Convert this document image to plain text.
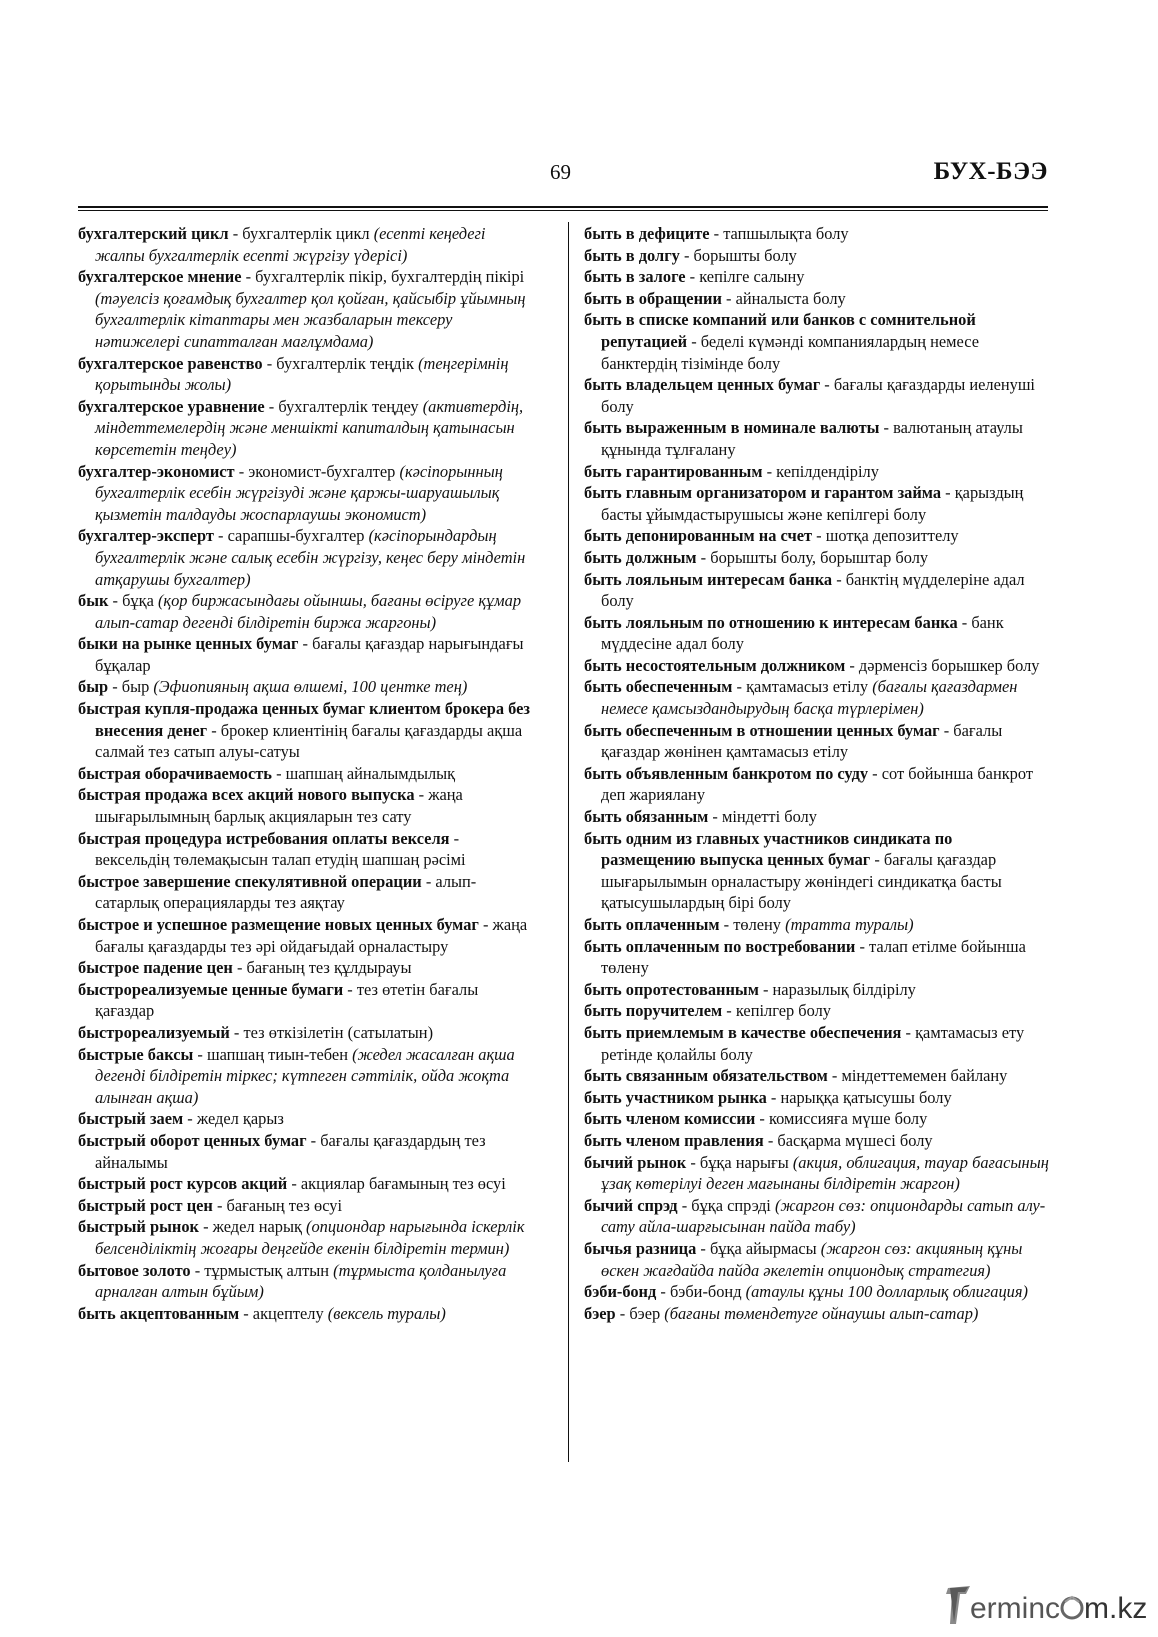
69	БУХ-БЭЭ
бухгалтерский цикл - бухгалтерлік цикл (есепті кеңедегі жалпы бухгалтерлік есепті жүргізу үдерісі)
бухгалтерское мнение - бухгалтерлік пікір, бухгалтердің пікірі (тәуелсіз қоғамдық бухгалтер қол қойған, қайсыбір ұйымның бухгалтерлік кітаптары мен жазбаларын тексеру нәтижелері сипатталған мағлұмдама)
бухгалтерское равенство - бухгалтерлік теңдік (теңгерімнің қорытынды жолы)
бухгалтерское уравнение - бухгалтерлік теңдеу (активтердің, міндеттемелердің және меншікті капиталдың қатынасын көрсететін теңдеу)
бухгалтер-экономист - экономист-бухгалтер (кәсіпорынның бухгалтерлік есебін жүргізуді және қаржы-шаруашылық қызметін талдауды жоспарлаушы экономист)
бухгалтер-эксперт - сарапшы-бухгалтер (кәсіпорындардың бухгалтерлік және салық есебін жүргізу, кеңес беру міндетін атқарушы бухгалтер)
бык - бұқа (қор биржасындағы ойыншы, бағаны өсіруге құмар алып-сатар дегенді білдіретін биржа жаргоны)
быки на рынке ценных бумаг - бағалы қағаздар нарығындағы бұқалар
быр - быр (Эфиопияның ақша өлшемі, 100 центке тең)
быстрая купля-продажа ценных бумаг клиентом брокера без внесения денег - брокер клиентінің бағалы қағаздарды ақша салмай тез сатып алуы-сатуы
быстрая оборачиваемость - шапшаң айналымдылық
быстрая продажа всех акций нового выпуска - жаңа шығарылымның барлық акцияларын тез сату
быстрая процедура истребования оплаты векселя - вексельдің төлемақысын талап етудің шапшаң рәсімі
быстрое завершение спекулятивной операции - алып-сатарлық операцияларды тез аяқтау
быстрое и успешное размещение новых ценных бумаг - жаңа бағалы қағаздарды тез әрі ойдағыдай орналастыру
быстрое падение цен - бағаның тез құлдырауы
быстрореализуемые ценные бумаги - тез өтетін бағалы қағаздар
быстрореализуемый - тез өткізілетін (сатылатын)
быстрые баксы - шапшаң тиын-тебен (жедел жасалған ақша дегенді білдіретін тіркес; күтпеген сәттілік, ойда жоқта алынған ақша)
быстрый заем - жедел қарыз
быстрый оборот ценных бумаг - бағалы қағаздардың тез айналымы
быстрый рост курсов акций - акциялар бағамының тез өсуі
быстрый рост цен - бағаның тез өсуі
быстрый рынок - жедел нарық (опциондар нарығында іскерлік белсенділіктің жоғары деңгейде екенін білдіретін термин)
бытовое золото - тұрмыстық алтын (тұрмыста қолданылуға арналған алтын бұйым)
быть акцептованным - акцептелу (вексель туралы)
быть в дефиците - тапшылықта болу
быть в долгу - борышты болу
быть в залоге - кепілге салыну
быть в обращении - айналыста болу
быть в списке компаний или банков с сомнительной репутацией - беделі күмәнді компаниялардың немесе банктердің тізімінде болу
быть владельцем ценных бумаг - бағалы қағаздарды иеленуші болу
быть выраженным в номинале валюты - валютаның атаулы құнында тұлғалану
быть гарантированным - кепілдендірілу
быть главным организатором и гарантом займа - қарыздың басты ұйымдастырушысы және кепілгері болу
быть депонированным на счет - шотқа депозиттелу
быть должным - борышты болу, борыштар болу
быть лояльным интересам банка - банктің мүдделеріне адал болу
быть лояльным по отношению к интересам банка - банк мүддесіне адал болу
быть несостоятельным должником - дәрменсіз борышкер болу
быть обеспеченным - қамтамасыз етілу (бағалы қағаздармен немесе қамсыздандырудың басқа түрлерімен)
быть обеспеченным в отношении ценных бумаг - бағалы қағаздар жөнінен қамтамасыз етілу
быть объявленным банкротом по суду - сот бойынша банкрот деп жариялану
быть обязанным - міндетті болу
быть одним из главных участников синдиката по размещению выпуска ценных бумаг - бағалы қағаздар шығарылымын орналастыру жөніндегі синдикатқа басты қатысушылардың бірі болу
быть оплаченным - төлену (тратта туралы)
быть оплаченным по востребовании - талап етілме бойынша төлену
быть опротестованным - наразылық білдірілу
быть поручителем - кепілгер болу
быть приемлемым в качестве обеспечения - қамтамасыз ету ретінде қолайлы болу
быть связанным обязательством - міндеттемемен байлану
быть участником рынка - нарыққа қатысушы болу
быть членом комиссии - комиссияға мүше болу
быть членом правления - басқарма мүшесі болу
бычий рынок - бұқа нарығы (акция, облигация, тауар бағасының ұзақ көтерілуі деген мағынаны білдіретін жаргон)
бычий спрэд - бұқа спрэді (жаргон сөз: опциондарды сатып алу-сату айла-шарғысынан пайда табу)
бычья разница - бұқа айырмасы (жаргон сөз: акцияның құны өскен жағдайда пайда әкелетін опциондық стратегия)
бэби-бонд - бэби-бонд (атаулы құны 100 долларлық облигация)
бэер - бэер (бағаны төмендетуге ойнаушы алып-сатар)
erminc m.kz
